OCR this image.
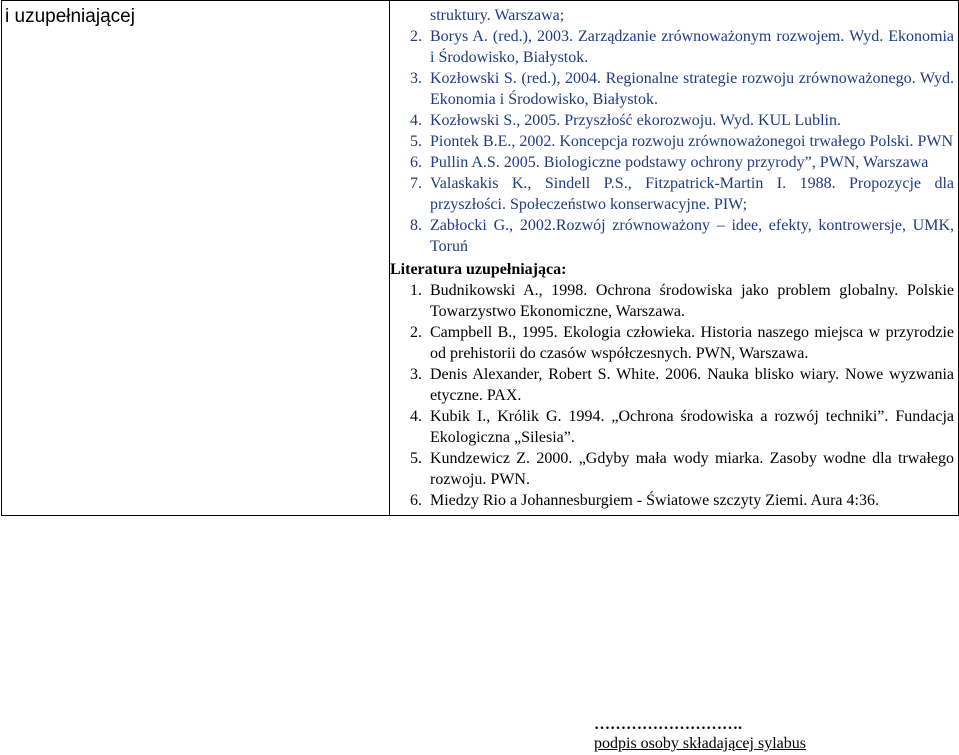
i uzupełniającej	struktury. Warszawa;

2. Borys A. (red.), 2003. Zarządzanie zrównoważonym rozwojem. Wyd. Ekonomia i Środowisko, Białystok.

3. Kozłowski S. (red.), 2004. Regionalne strategie rozwoju zrównoważonego. Wyd. Ekonomia i Środowisko, Białystok.

4. Kozłowski S., 2005. Przyszłość ekorozwoju. Wyd. KUL Lublin.

5. Piontek B.E., 2002. Koncepcja rozwoju zrównoważonegoi trwałego Polski. PWN

6. Pullin A.S. 2005. Biologiczne podstawy ochrony przyrody”, PWN, Warszawa

7. Valaskakis K., Sindell P.S., Fitzpatrick-Martin I. 1988. Propozycje dla przyszłości. Społeczeństwo konserwacyjne. PIW;

8. Zabłocki G., 2002.Rozwój zrównoważony – idee, efekty, kontrowersje, UMK, Toruń

Literatura uzupełniająca:

1. Budnikowski A., 1998. Ochrona środowiska jako problem globalny. Polskie Towarzystwo Ekonomiczne, Warszawa.

2. Campbell B., 1995. Ekologia człowieka. Historia naszego miejsca w przyrodzie od prehistorii do czasów współczesnych. PWN, Warszawa.

3. Denis Alexander, Robert S. White. 2006. Nauka blisko wiary. Nowe wyzwania etyczne. PAX.

4. Kubik I., Królik G. 1994. „Ochrona środowiska a rozwój techniki”. Fundacja Ekologiczna „Silesia”.

5. Kundzewicz Z. 2000. „Gdyby mała wody miarka. Zasoby wodne dla trwałego rozwoju. PWN.

6. Miedzy Rio a Johannesburgiem - Światowe szczyty Ziemi. Aura 4:36.

……………………….
podpis osoby składającej sylabus
